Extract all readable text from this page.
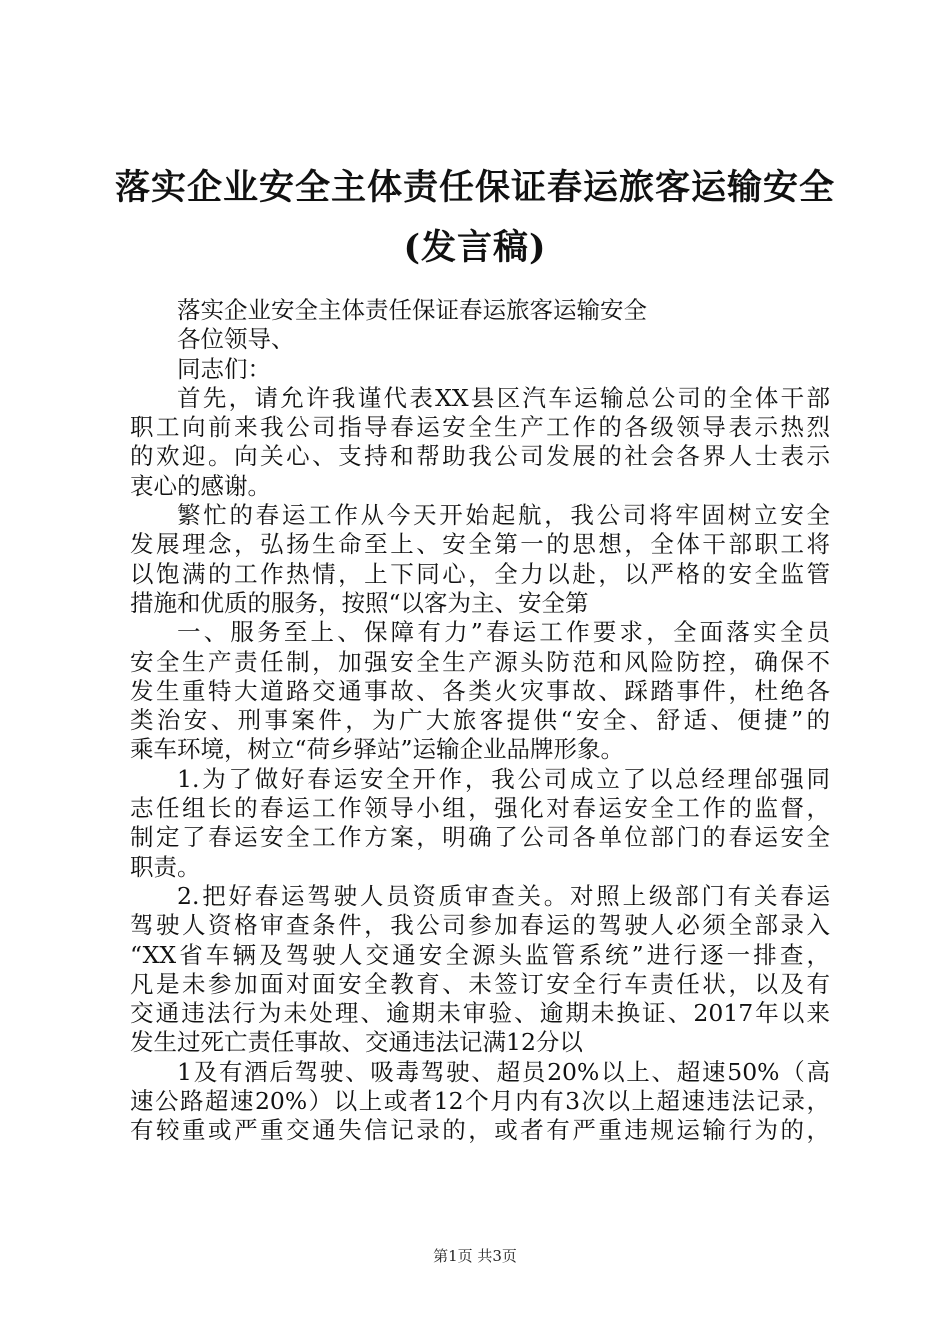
落实企业安全主体责任保证春运旅客运输安全
(发言稿)
落实企业安全主体责任保证春运旅客运输安全
各位领导、
同志们：
首先，请允许我谨代表XX县区汽车运输总公司的全体干部
职工向前来我公司指导春运安全生产工作的各级领导表示热烈
的欢迎。向关心、支持和帮助我公司发展的社会各界人士表示
衷心的感谢。
繁忙的春运工作从今天开始起航，我公司将牢固树立安全
发展理念，弘扬生命至上、安全第一的思想，全体干部职工将
以饱满的工作热情，上下同心，全力以赴，以严格的安全监管
措施和优质的服务，按照“以客为主、安全第
一、服务至上、保障有力”春运工作要求，全面落实全员
安全生产责任制，加强安全生产源头防范和风险防控，确保不
发生重特大道路交通事故、各类火灾事故、踩踏事件，杜绝各
类治安、刑事案件，为广大旅客提供“安全、舒适、便捷”的
乘车环境，树立“荷乡驿站”运输企业品牌形象。
1.为了做好春运安全开作，我公司成立了以总经理邰强同
志任组长的春运工作领导小组，强化对春运安全工作的监督，
制定了春运安全工作方案，明确了公司各单位部门的春运安全
职责。
2.把好春运驾驶人员资质审查关。对照上级部门有关春运
驾驶人资格审查条件，我公司参加春运的驾驶人必须全部录入
“XX省车辆及驾驶人交通安全源头监管系统”进行逐一排查，
凡是未参加面对面安全教育、未签订安全行车责任状，以及有
交通违法行为未处理、逾期未审验、逾期未换证、2017年以来
发生过死亡责任事故、交通违法记满12分以
1及有酒后驾驶、吸毒驾驶、超员20%以上、超速50%（高
速公路超速20%）以上或者12个月内有3次以上超速违法记录，
有较重或严重交通失信记录的，或者有严重违规运输行为的，
第1页 共3页
